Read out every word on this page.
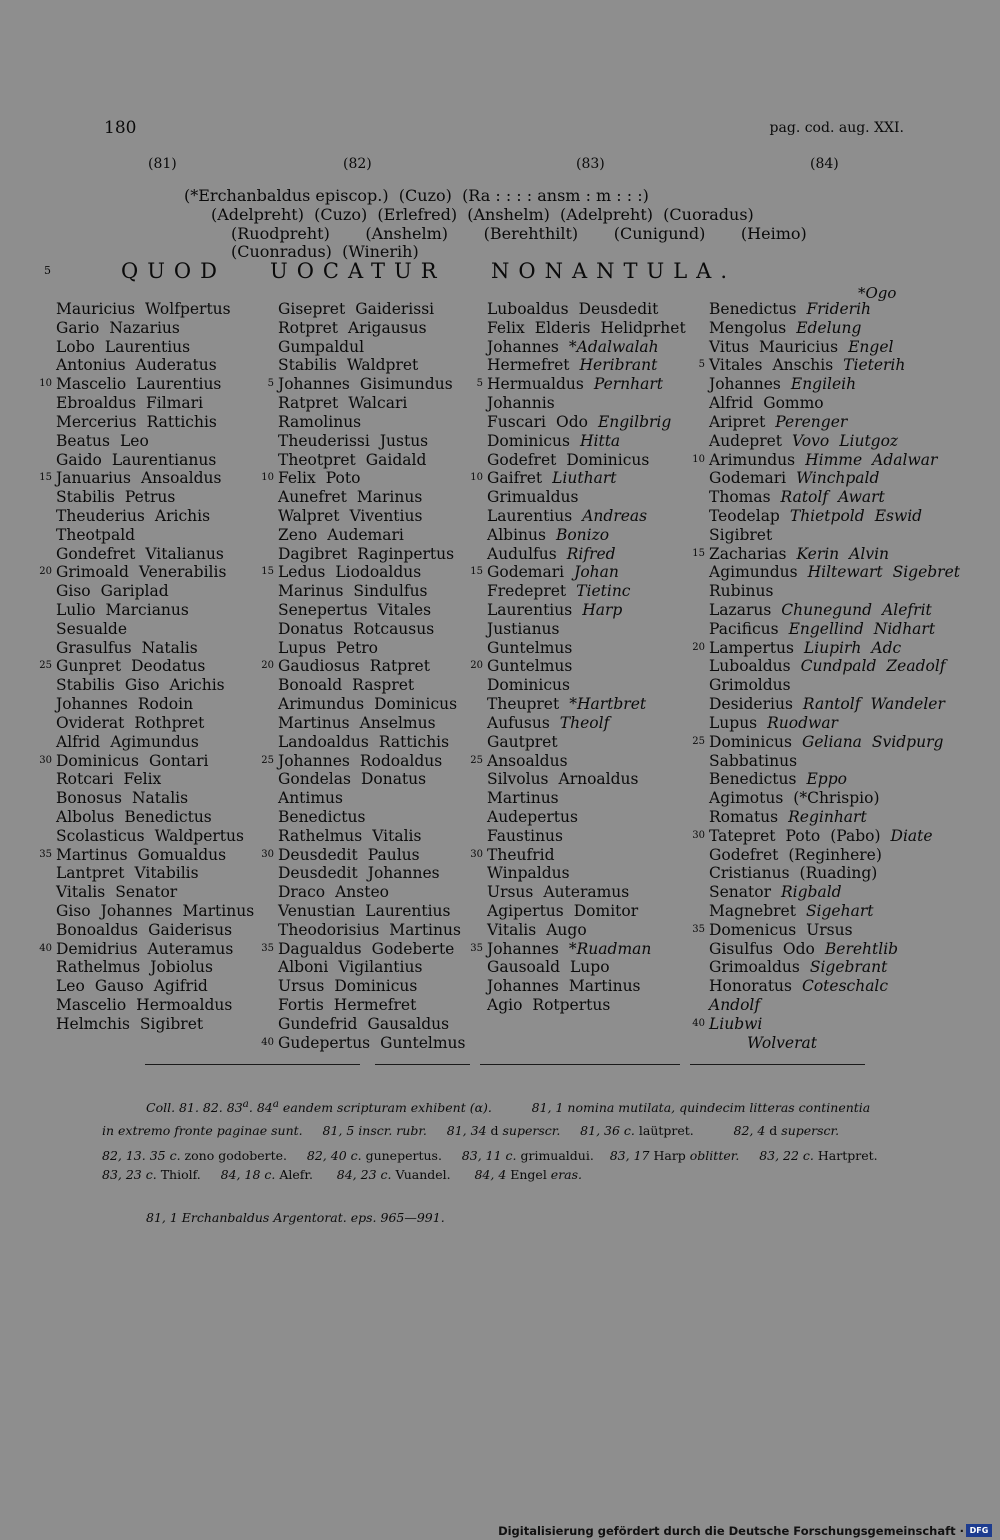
180	pag. cod. aug. XXI.
(81)	(82)	(83)	(84)
(*Erchanbaldus episcop.)  (Cuzo)  (Ra : : : : ansm : m : : :)
(Adelpreht)  (Cuzo)  (Erlefred)  (Anshelm)  (Adelpreht)  (Cuoradus)
(Ruodpreht)       (Anshelm)       (Berehthilt)       (Cunigund)       (Heimo)
(Cuonradus)  (Winerih)
5	QUOD UOCATUR NONANTULA.
*Ogo
Mauricius Wolfpertus
Gario Nazarius
Lobo Laurentius
Antonius Auderatus
10 Mascelio Laurentius
Ebroaldus Filmari
Mercerius Rattichis
Beatus Leo
Gaido Laurentianus
15 Januarius Ansoaldus
Stabilis Petrus
Theuderius Arichis
Theotpald
Gondefret Vitalianus
20 Grimoald Venerabilis
Giso Gariplad
Lulio Marcianus
Sesualde
Grasulfus Natalis
25 Gunpret Deodatus
Stabilis Giso Arichis
Johannes Rodoin
Oviderat Rothpret
Alfrid Agimundus
30 Dominicus Gontari
Rotcari Felix
Bonosus Natalis
Albolus Benedictus
Scolasticus Waldpertus
35 Martinus Gomualdus
Lantpret Vitabilis
Vitalis Senator
Giso Johannes Martinus
Bonoaldus Gaiderisus
40 Demidrius Auteramus
Rathelmus Jobiolus
Leo Gauso Agifrid
Mascelio Hermoaldus
Helmchis Sigibret
Gisepret Gaiderissi
Rotpret Arigausus
Gumpaldul
Stabilis Waldpret
5 Johannes Gisimundus
Ratpret Walcari
Ramolinus
Theuderissi Justus
Theotpret Gaidald
10 Felix Poto
Aunefret Marinus
Walpret Viventius
Zeno Audemari
Dagibret Raginpertus
15 Ledus Liodoaldus
Marinus Sindulfus
Senepertus Vitales
Donatus Rotcausus
Lupus Petro
20 Gaudiosus Ratpret
Bonoald Raspret
Arimundus Dominicus
Martinus Anselmus
Landoaldus Rattichis
25 Johannes Rodoaldus
Gondelas Donatus
Antimus
Benedictus
Rathelmus Vitalis
30 Deusdedit Paulus
Deusdedit Johannes
Draco Ansteo
Venustian Laurentius
Theodorisius Martinus
35 Dagualdus Godeberte
Alboni Vigilantius
Ursus Dominicus
Fortis Hermefret
Gundefrid Gausaldus
40 Gudepertus Guntelmus
Luboaldus Deusdedit
Felix Elderis Helidprhet
Johannes *Adalwalah
Hermefret Heribrant
5 Hermualdus Pernhart
Johannis
Fuscari Odo Engilbrig
Dominicus Hitta
Godefret Dominicus
10 Gaifret Liuthart
Grimualdus
Laurentius Andreas
Albinus Bonizo
Audulfus Rifred
15 Godemari Johan
Fredepret Tietinc
Laurentius Harp
Justianus
Guntelmus
20 Guntelmus
Dominicus
Theupret *Hartbret
Aufusus Theolf
Gautpret
25 Ansoaldus
Silvolus Arnoaldus
Martinus
Audepertus
Faustinus
30 Theufrid
Winpaldus
Ursus Auteramus
Agipertus Domitor
Vitalis Augo
35 Johannes *Ruadman
Gausoald Lupo
Johannes Martinus
Agio Rotpertus
Benedictus Friderih
Mengolus Edelung
Vitus Mauricius Engel
5 Vitales Anschis Tieterih
Johannes Engileih
Alfrid Gommo
Aripret Perenger
Audepret Vovo Liutgoz
10 Arimundus Himme Adalwar
Godemari Winchpald
Thomas Ratolf Awart
Teodelap Thietpold Eswid
Sigibret
15 Zacharias Kerin Alvin
Agimundus Hiltewart Sigebret
Rubinus
Lazarus Chunegund Alefrit
Pacificus Engellind Nidhart
20 Lampertus Liupirh Adc
Luboaldus Cundpald Zeadolf
Grimoldus
Desiderius Rantolf Wandeler
Lupus Ruodwar
25 Dominicus Geliana Svidpurg
Sabbatinus
Benedictus Eppo
Agimotus (*Chrispio)
Romatus Reginhart
30 Tatepret Poto (Pabo) Diate
Godefret (Reginhere)
Cristianus (Ruading)
Senator Rigbald
Magnebret Sigehart
35 Domenicus Ursus
Gisulfus Odo Berehtlib
Grimoaldus Sigebrant
Honoratus Coteschalc
Andolf
40 Liubwi
Wolverat
Coll. 81. 82. 83$^a$. 84$^a$ eandem scripturam exhibent (α).          81, 1 nomina mutilata, quindecim litteras continentia
in extremo fronte paginae sunt.     81, 5 inscr. rubr.     81, 34 d superscr.     81, 36 c. laütpret.          82, 4 d superscr.
82, 13. 35 c. zono godoberte.     82, 40 c. gunepertus.     83, 11 c. grimualdui.    83, 17 Harp oblitter.     83, 22 c. Hartpret.
83, 23 c. Thiolf.     84, 18 c. Alefr.      84, 23 c. Vuandel.      84, 4 Engel eras.
81, 1 Erchanbaldus Argentorat. eps. 965—991.
Digitalisierung gefördert durch die Deutsche Forschungsgemeinschaft · DFG
